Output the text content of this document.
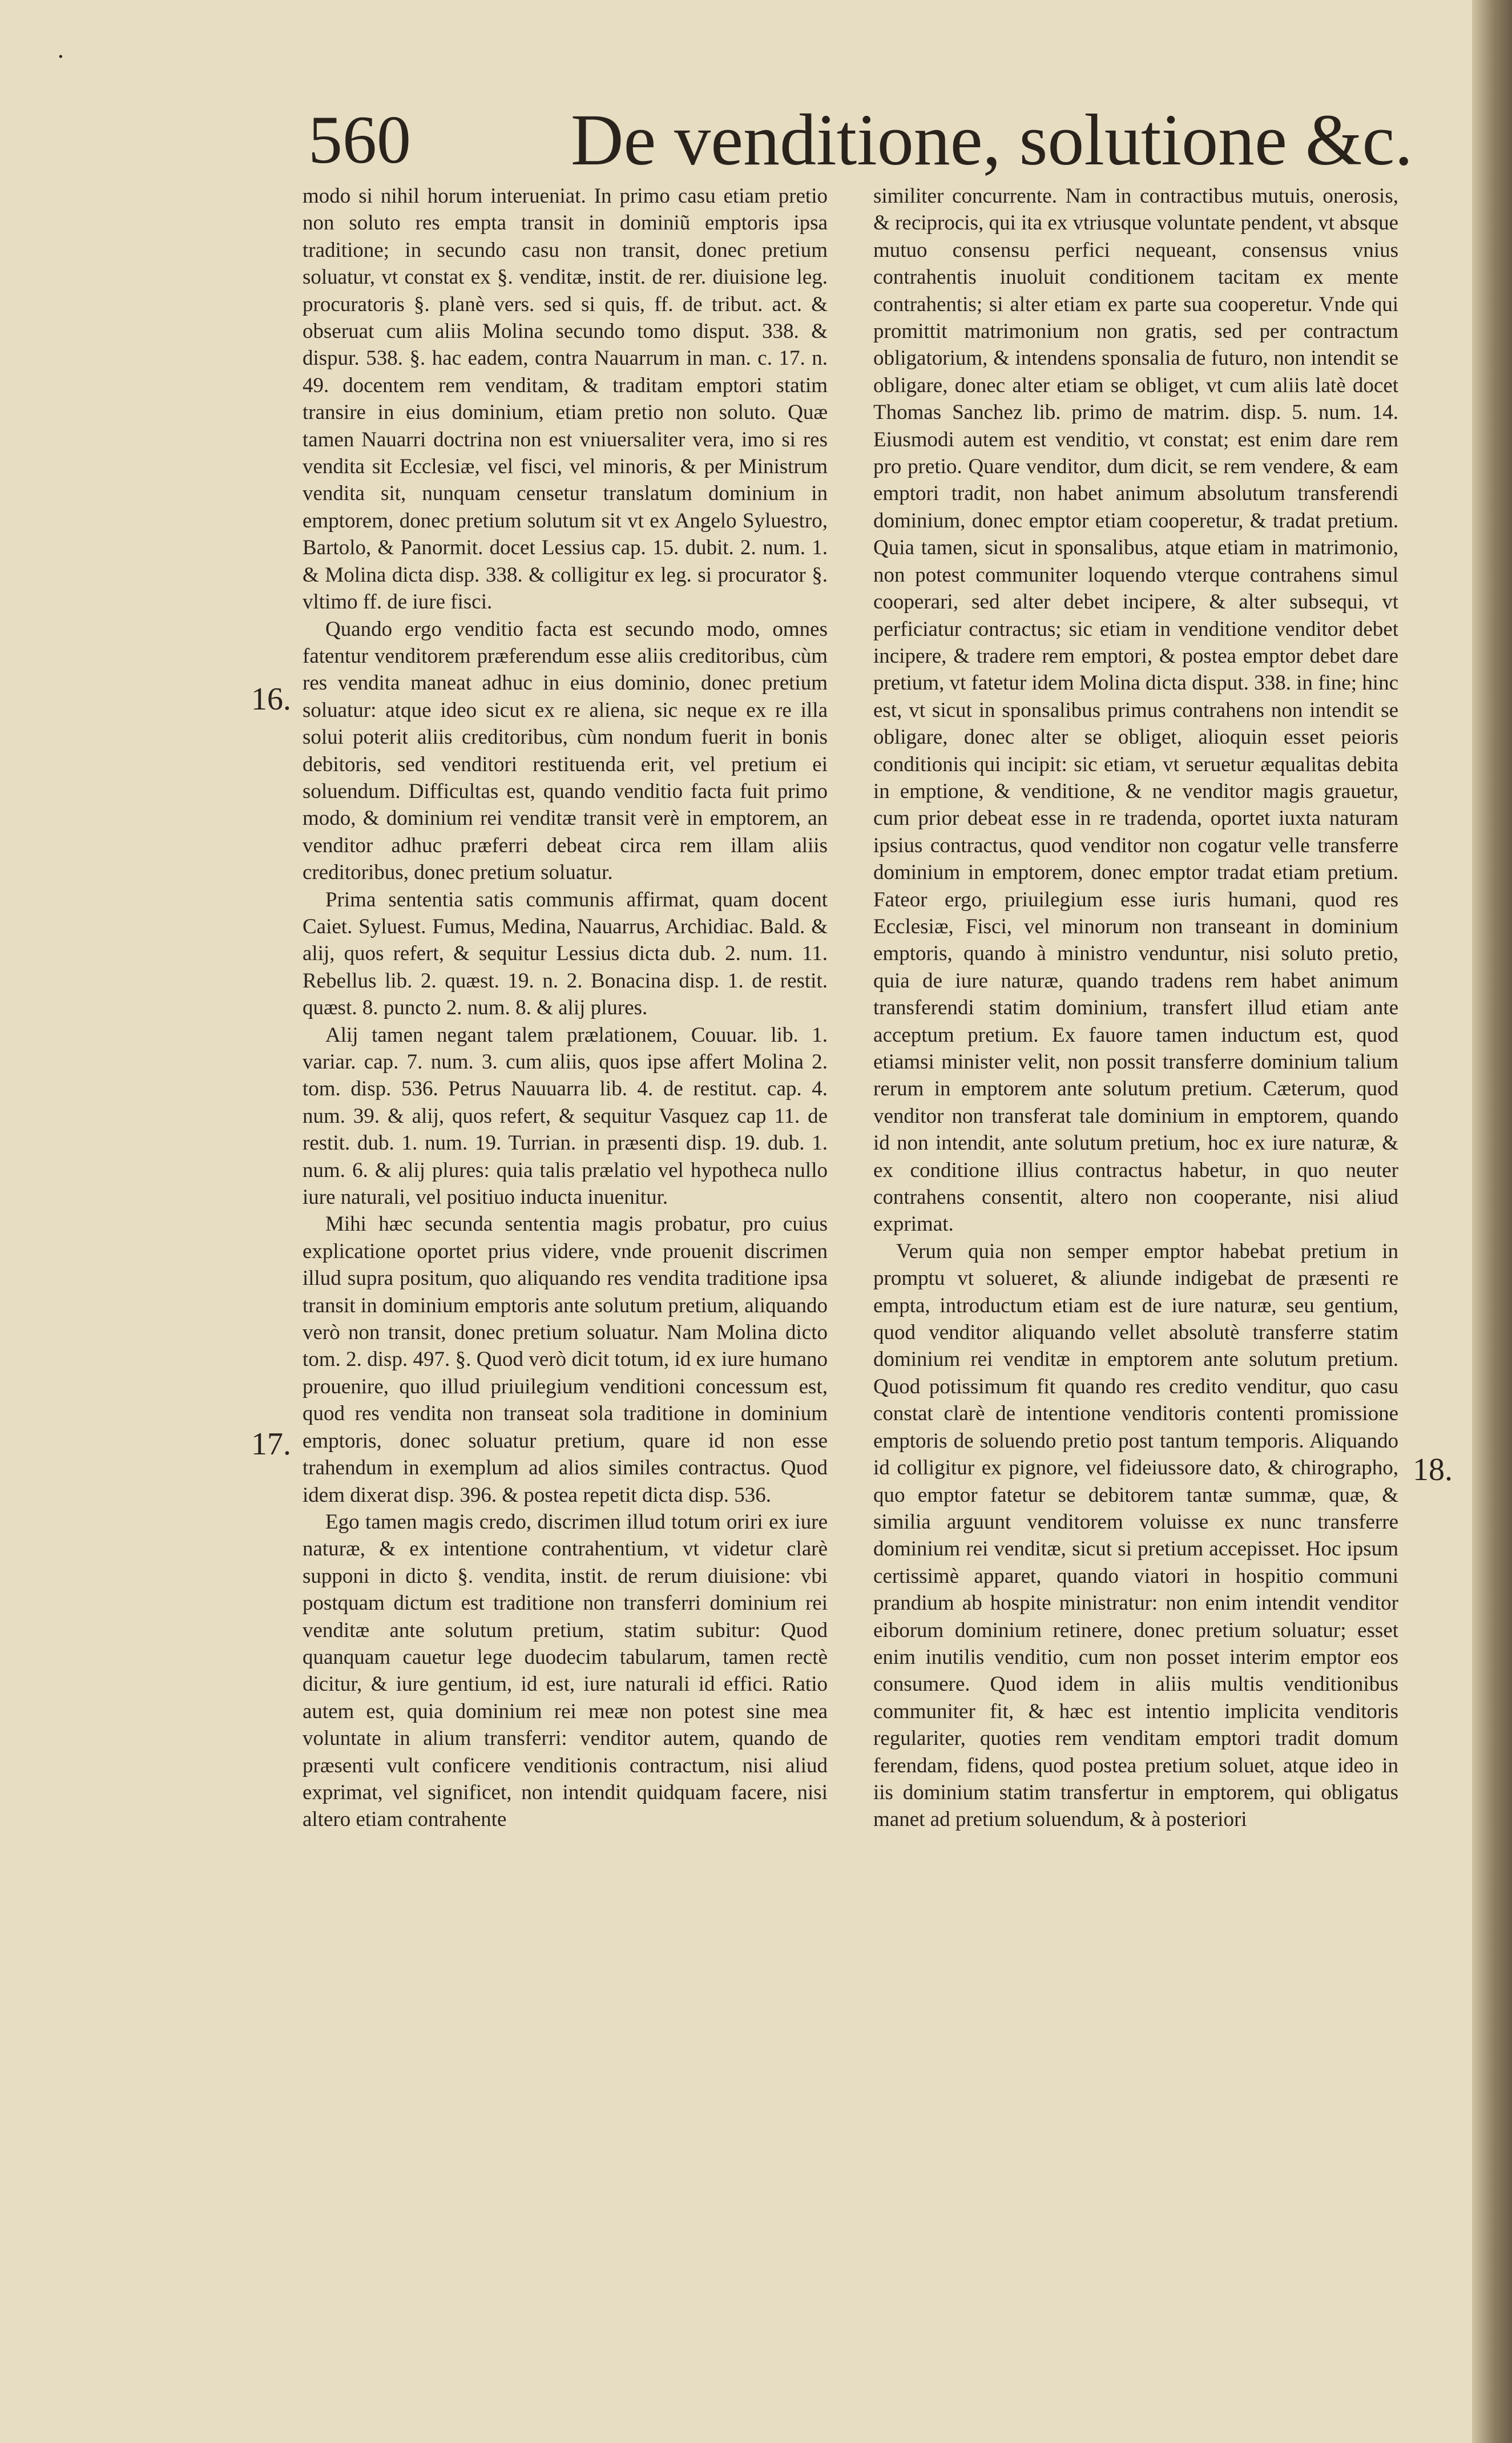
·
560 De venditione, solutione &c.

modo si nihil horum interueniat. In primo casu etiam pretio non soluto res empta transit in dominiũ emptoris ipsa traditione; in secundo casu non transit, donec pretium soluatur, vt constat ex §. venditæ, instit. de rer. diuisione leg. procuratoris §. planè vers. sed si quis, ff. de tribut. act. & obseruat cum aliis Molina secundo tomo disput. 338. & dispur. 538. §. hac eadem, contra Nauarrum in man. c. 17. n. 49. docentem rem venditam, & traditam emptori statim transire in eius dominium, etiam pretio non soluto. Quæ tamen Nauarri doctrina non est vniuersaliter vera, imo si res vendita sit Ecclesiæ, vel fisci, vel minoris, & per Ministrum vendita sit, nunquam censetur translatum dominium in emptorem, donec pretium solutum sit vt ex Angelo Syluestro, Bartolo, & Panormit. docet Lessius cap. 15. dubit. 2. num. 1. & Molina dicta disp. 338. & colligitur ex leg. si procurator §. vltimo ff. de iure fisci.

Quando ergo venditio facta est secundo modo, omnes fatentur venditorem præferendum esse aliis creditoribus, cùm res vendita maneat adhuc in eius dominio, donec pretium soluatur: atque ideo sicut ex re aliena, sic neque ex re illa solui poterit aliis creditoribus, cùm nondum fuerit in bonis debitoris, sed venditori restituenda erit, vel pretium ei soluendum. Difficultas est, quando venditio facta fuit primo modo, & dominium rei venditæ transit verè in emptorem, an venditor adhuc præferri debeat circa rem illam aliis creditoribus, donec pretium soluatur.

Prima sententia satis communis affirmat, quam docent Caiet. Syluest. Fumus, Medina, Nauarrus, Archidiac. Bald. & alij, quos refert, & sequitur Lessius dicta dub. 2. num. 11. Rebellus lib. 2. quæst. 19. n. 2. Bonacina disp. 1. de restit. quæst. 8. puncto 2. num. 8. & alij plures.

Alij tamen negant talem prælationem, Couuar. lib. 1. variar. cap. 7. num. 3. cum aliis, quos ipse affert Molina 2. tom. disp. 536. Petrus Nauuarra lib. 4. de restitut. cap. 4. num. 39. & alij, quos refert, & sequitur Vasquez cap 11. de restit. dub. 1. num. 19. Turrian. in præsenti disp. 19. dub. 1. num. 6. & alij plures: quia talis prælatio vel hypotheca nullo iure naturali, vel positiuo inducta inuenitur.

Mihi hæc secunda sententia magis probatur, pro cuius explicatione oportet prius videre, vnde prouenit discrimen illud supra positum, quo aliquando res vendita traditione ipsa transit in dominium emptoris ante solutum pretium, aliquando verò non transit, donec pretium soluatur. Nam Molina dicto tom. 2. disp. 497. §. Quod verò dicit totum, id ex iure humano prouenire, quo illud priuilegium venditioni concessum est, quod res vendita non transeat sola traditione in dominium emptoris, donec soluatur pretium, quare id non esse trahendum in exemplum ad alios similes contractus. Quod idem dixerat disp. 396. & postea repetit dicta disp. 536.

Ego tamen magis credo, discrimen illud totum oriri ex iure naturæ, & ex intentione contrahentium, vt videtur clarè supponi in dicto §. vendita, instit. de rerum diuisione: vbi postquam dictum est traditione non transferri dominium rei venditæ ante solutum pretium, statim subitur: Quod quanquam cauetur lege duodecim tabularum, tamen rectè dicitur, & iure gentium, id est, iure naturali id effici. Ratio autem est, quia dominium rei meæ non potest sine mea voluntate in alium transferri: venditor autem, quando de præsenti vult conficere venditionis contractum, nisi aliud exprimat, vel significet, non intendit quidquam facere, nisi altero etiam contrahente

similiter concurrente. Nam in contractibus mutuis, onerosis, & reciprocis, qui ita ex vtriusque voluntate pendent, vt absque mutuo consensu perfici nequeant, consensus vnius contrahentis inuoluit conditionem tacitam ex mente contrahentis; si alter etiam ex parte sua cooperetur. Vnde qui promittit matrimonium non gratis, sed per contractum obligatorium, & intendens sponsalia de futuro, non intendit se obligare, donec alter etiam se obliget, vt cum aliis latè docet Thomas Sanchez lib. primo de matrim. disp. 5. num. 14. Eiusmodi autem est venditio, vt constat; est enim dare rem pro pretio. Quare venditor, dum dicit, se rem vendere, & eam emptori tradit, non habet animum absolutum transferendi dominium, donec emptor etiam cooperetur, & tradat pretium. Quia tamen, sicut in sponsalibus, atque etiam in matrimonio, non potest communiter loquendo vterque contrahens simul cooperari, sed alter debet incipere, & alter subsequi, vt perficiatur contractus; sic etiam in venditione venditor debet incipere, & tradere rem emptori, & postea emptor debet dare pretium, vt fatetur idem Molina dicta disput. 338. in fine; hinc est, vt sicut in sponsalibus primus contrahens non intendit se obligare, donec alter se obliget, alioquin esset peioris conditionis qui incipit: sic etiam, vt seruetur æqualitas debita in emptione, & venditione, & ne venditor magis grauetur, cum prior debeat esse in re tradenda, oportet iuxta naturam ipsius contractus, quod venditor non cogatur velle transferre dominium in emptorem, donec emptor tradat etiam pretium. Fateor ergo, priuilegium esse iuris humani, quod res Ecclesiæ, Fisci, vel minorum non transeant in dominium emptoris, quando à ministro venduntur, nisi soluto pretio, quia de iure naturæ, quando tradens rem habet animum transferendi statim dominium, transfert illud etiam ante acceptum pretium. Ex fauore tamen inductum est, quod etiamsi minister velit, non possit transferre dominium talium rerum in emptorem ante solutum pretium. Cæterum, quod venditor non transferat tale dominium in emptorem, quando id non intendit, ante solutum pretium, hoc ex iure naturæ, & ex conditione illius contractus habetur, in quo neuter contrahens consentit, altero non cooperante, nisi aliud exprimat.

Verum quia non semper emptor habebat pretium in promptu vt solueret, & aliunde indigebat de præsenti re empta, introductum etiam est de iure naturæ, seu gentium, quod venditor aliquando vellet absolutè transferre statim dominium rei venditæ in emptorem ante solutum pretium. Quod potissimum fit quando res credito venditur, quo casu constat clarè de intentione venditoris contenti promissione emptoris de soluendo pretio post tantum temporis. Aliquando id colligitur ex pignore, vel fideiussore dato, & chirographo, quo emptor fatetur se debitorem tantæ summæ, quæ, & similia arguunt venditorem voluisse ex nunc transferre dominium rei venditæ, sicut si pretium accepisset. Hoc ipsum certissimè apparet, quando viatori in hospitio communi prandium ab hospite ministratur: non enim intendit venditor eiborum dominium retinere, donec pretium soluatur; esset enim inutilis venditio, cum non posset interim emptor eos consumere. Quod idem in aliis multis venditionibus communiter fit, & hæc est intentio implicita venditoris regulariter, quoties rem venditam emptori tradit domum ferendam, fidens, quod postea pretium soluet, atque ideo in iis dominium statim transfertur in emptorem, qui obligatus manet ad pretium soluendum, & à posteriori

16.
17.
18.
